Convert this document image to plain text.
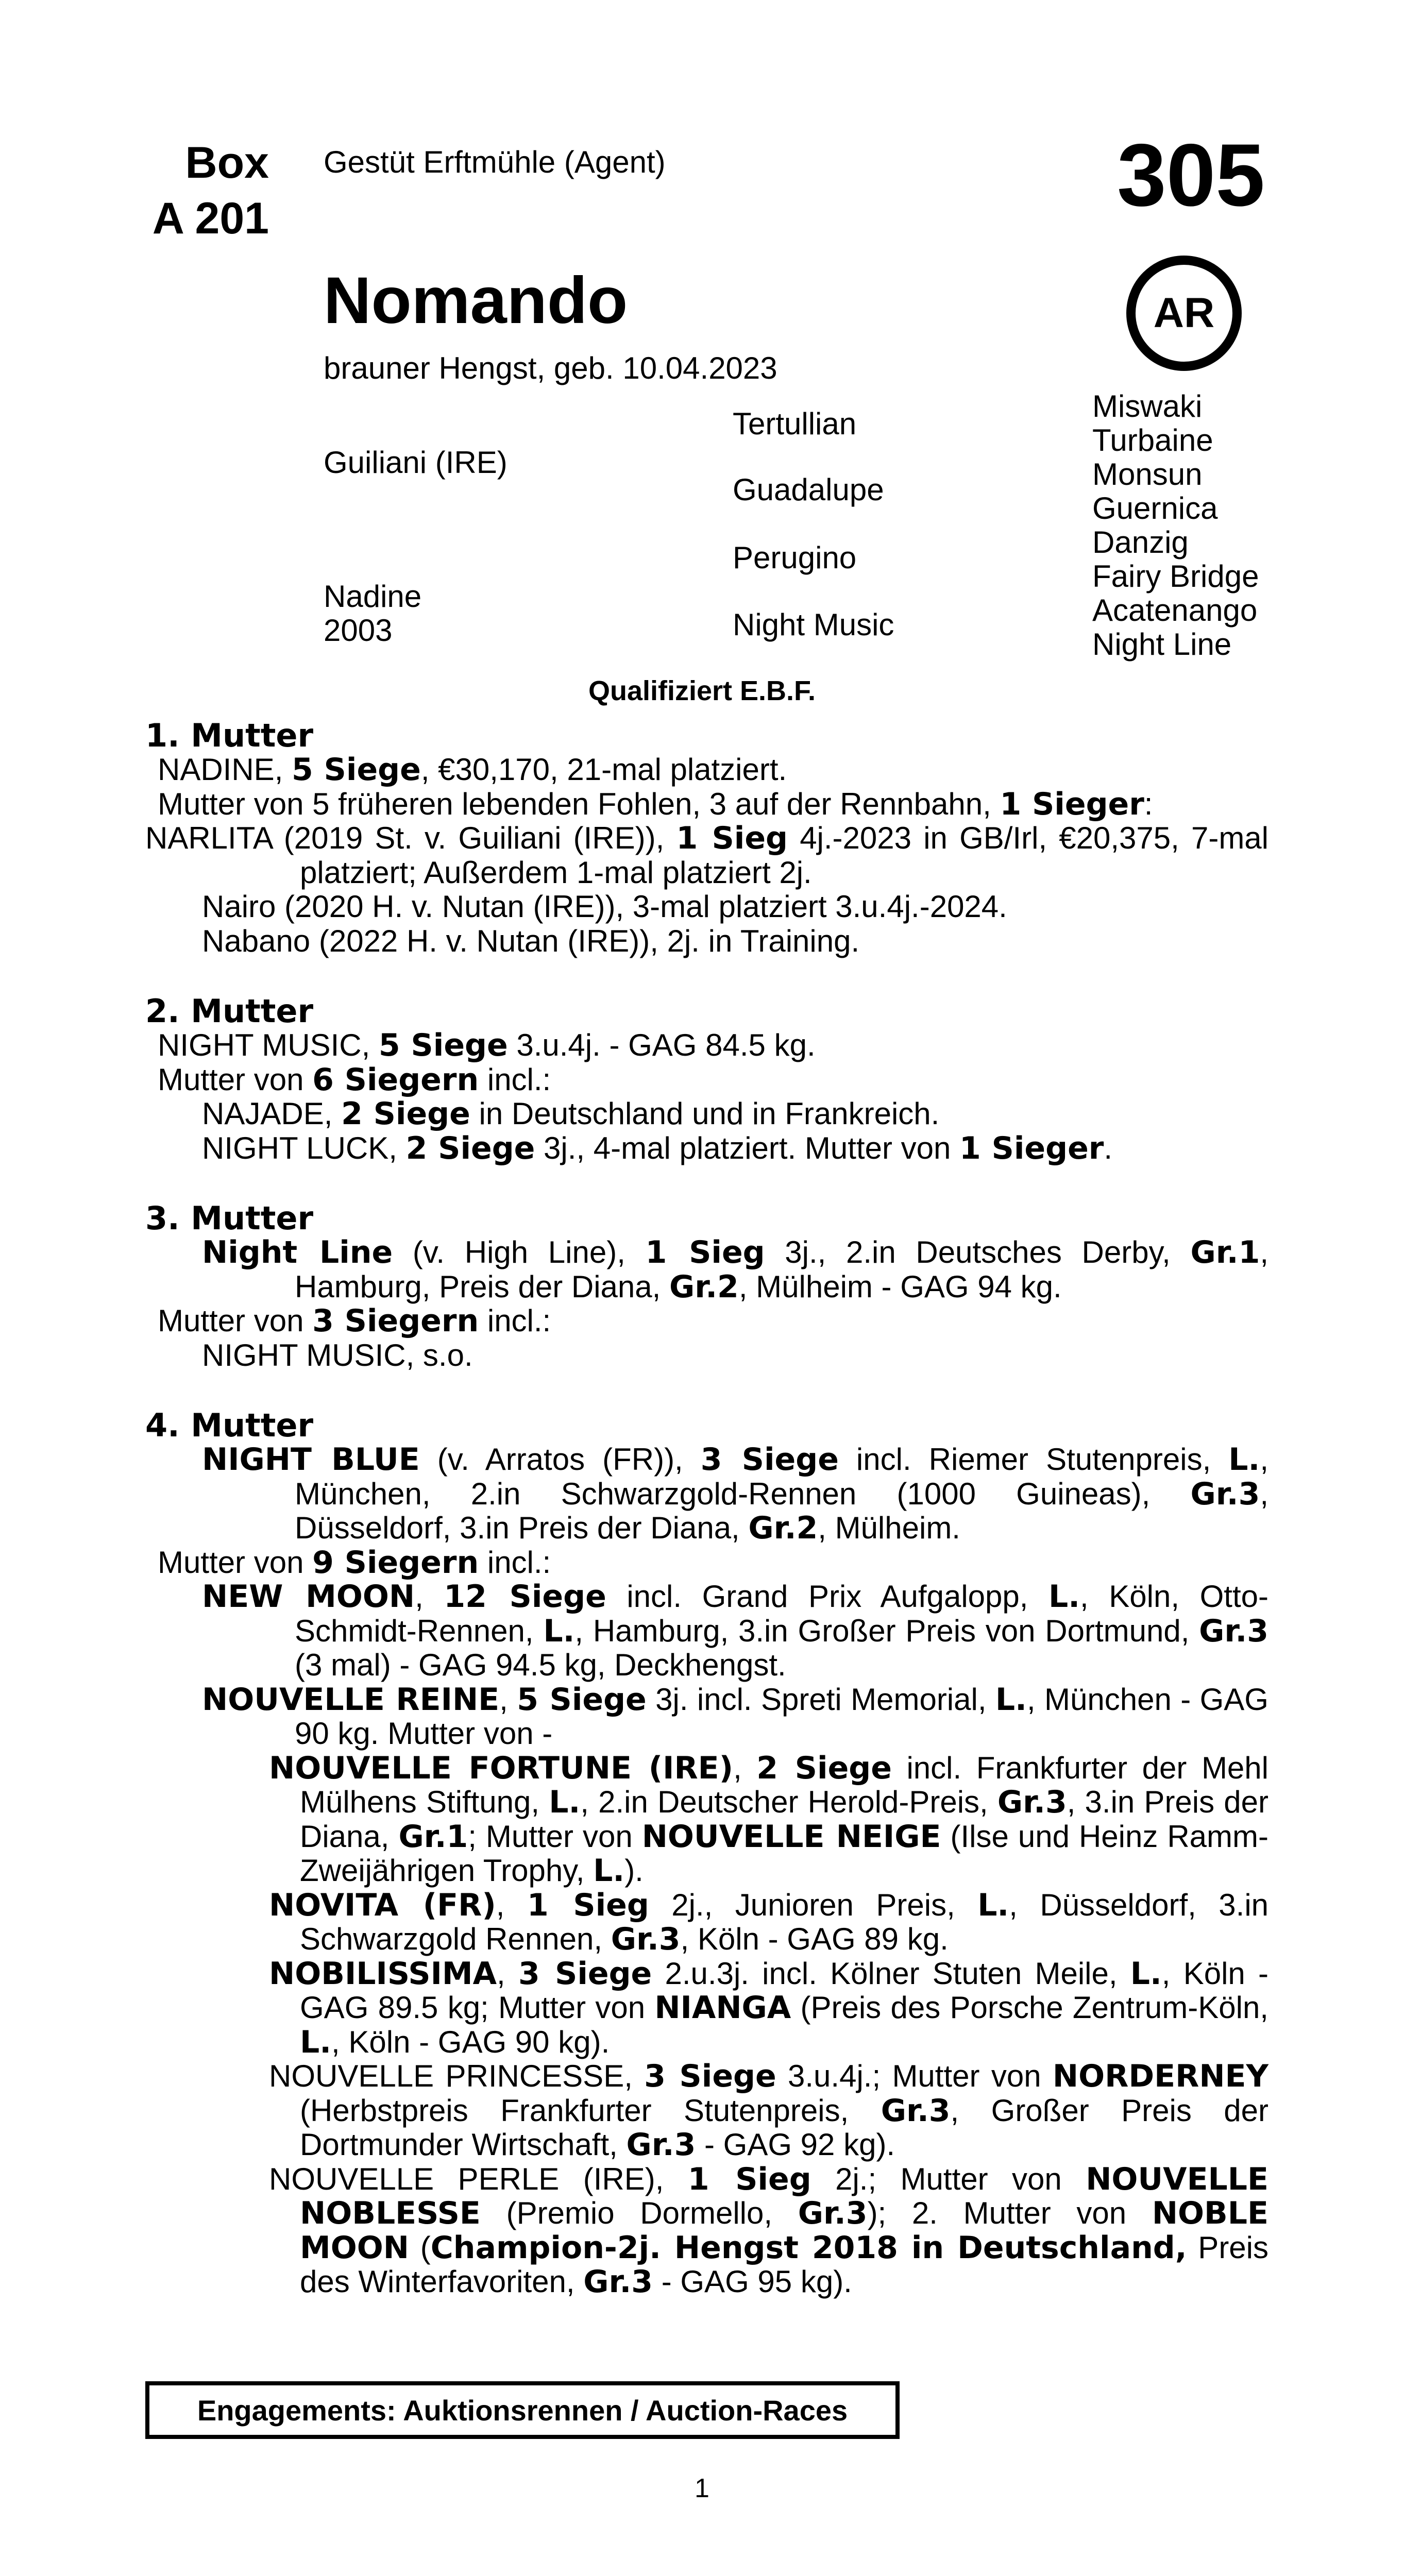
Box
A 201
Gestüt Erftmühle (Agent)	305
AR
Nomando
brauner Hengst, geb. 10.04.2023
Guiliani (IRE)
Nadine
2003
Tertullian
Guadalupe
Perugino
Night Music
Miswaki
Turbaine
Monsun
Guernica
Danzig
Fairy Bridge
Acatenango
Night Line
Qualifiziert E.B.F.
1. Mutter
NADINE, 5 Siege, €30,170, 21-mal platziert.
Mutter von 5 früheren lebenden Fohlen, 3 auf der Rennbahn, 1 Sieger:
NARLITA (2019 St. v. Guiliani (IRE)), 1 Sieg 4j.-2023 in GB/Irl, €20,375, 7-mal platziert; Außerdem 1-mal platziert 2j.
Nairo (2020 H. v. Nutan (IRE)), 3-mal platziert 3.u.4j.-2024.
Nabano (2022 H. v. Nutan (IRE)), 2j. in Training.
2. Mutter
NIGHT MUSIC, 5 Siege 3.u.4j. - GAG 84.5 kg.
Mutter von 6 Siegern incl.:
NAJADE, 2 Siege in Deutschland und in Frankreich.
NIGHT LUCK, 2 Siege 3j., 4-mal platziert. Mutter von 1 Sieger.
3. Mutter
Night Line (v. High Line), 1 Sieg 3j., 2.in Deutsches Derby, Gr.1, Hamburg, Preis der Diana, Gr.2, Mülheim - GAG 94 kg.
Mutter von 3 Siegern incl.:
NIGHT MUSIC, s.o.
4. Mutter
NIGHT BLUE (v. Arratos (FR)), 3 Siege incl. Riemer Stutenpreis, L., München, 2.in Schwarzgold-Rennen (1000 Guineas), Gr.3, Düsseldorf, 3.in Preis der Diana, Gr.2, Mülheim.
Mutter von 9 Siegern incl.:
NEW MOON, 12 Siege incl. Grand Prix Aufgalopp, L., Köln, Otto-Schmidt-Rennen, L., Hamburg, 3.in Großer Preis von Dortmund, Gr.3 (3 mal) - GAG 94.5 kg, Deckhengst.
NOUVELLE REINE, 5 Siege 3j. incl. Spreti Memorial, L., München - GAG 90 kg. Mutter von -
NOUVELLE FORTUNE (IRE), 2 Siege incl. Frankfurter der Mehl Mülhens Stiftung, L., 2.in Deutscher Herold-Preis, Gr.3, 3.in Preis der Diana, Gr.1; Mutter von NOUVELLE NEIGE (Ilse und Heinz Ramm-Zweijährigen Trophy, L.).
NOVITA (FR), 1 Sieg 2j., Junioren Preis, L., Düsseldorf, 3.in Schwarzgold Rennen, Gr.3, Köln - GAG 89 kg.
NOBILISSIMA, 3 Siege 2.u.3j. incl. Kölner Stuten Meile, L., Köln - GAG 89.5 kg; Mutter von NIANGA (Preis des Porsche Zentrum-Köln, L., Köln - GAG 90 kg).
NOUVELLE PRINCESSE, 3 Siege 3.u.4j.; Mutter von NORDERNEY (Herbstpreis Frankfurter Stutenpreis, Gr.3, Großer Preis der Dortmunder Wirtschaft, Gr.3 - GAG 92 kg).
NOUVELLE PERLE (IRE), 1 Sieg 2j.; Mutter von NOUVELLE NOBLESSE (Premio Dormello, Gr.3); 2. Mutter von NOBLE MOON (Champion-2j. Hengst 2018 in Deutschland, Preis des Winterfavoriten, Gr.3 - GAG 95 kg).
Engagements: Auktionsrennen / Auction-Races
1
